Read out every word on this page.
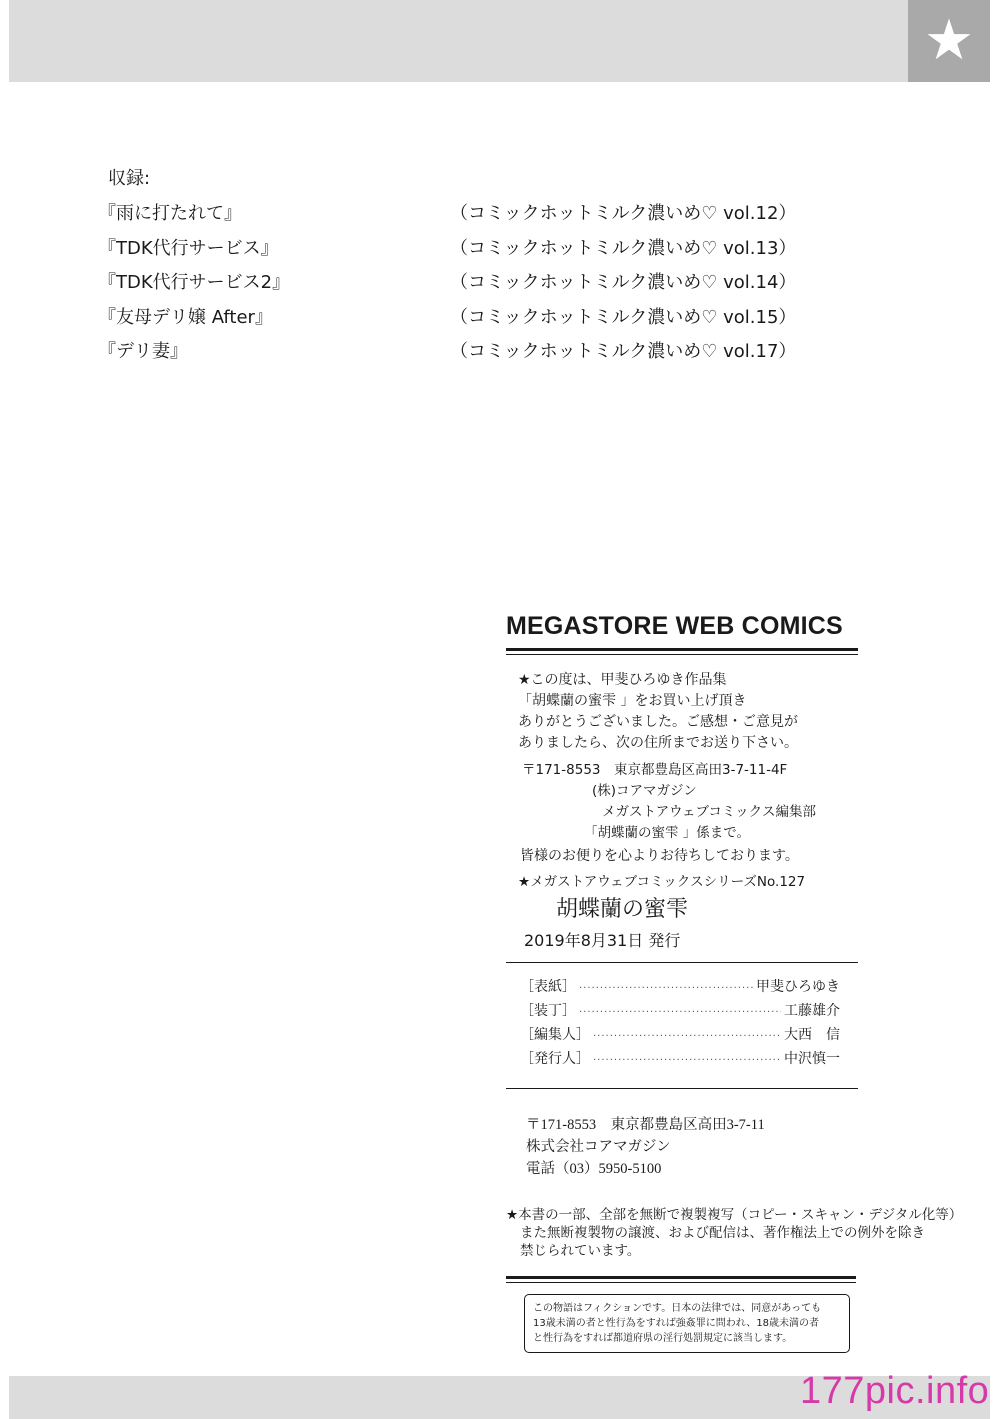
★
収録:
『雨に打たれて』	（コミックホットミルク濃いめ♡ vol.12）
『TDK代行サービス』	（コミックホットミルク濃いめ♡ vol.13）
『TDK代行サービス2』	（コミックホットミルク濃いめ♡ vol.14）
『友母デリ嬢 After』	（コミックホットミルク濃いめ♡ vol.15）
『デリ妻』	（コミックホットミルク濃いめ♡ vol.17）
MEGASTORE WEB COMICS
★この度は、甲斐ひろゆき作品集
「胡蝶蘭の蜜雫 」をお買い上げ頂き
ありがとうございました。ご感想・ご意見が
ありましたら、次の住所までお送り下さい。
〒171-8553　東京都豊島区高田3-7-11-4F
(株)コアマガジン
メガストアウェブコミックス編集部
「胡蝶蘭の蜜雫 」係まで。
皆様のお便りを心よりお待ちしております。
★メガストアウェブコミックスシリーズNo.127
胡蝶蘭の蜜雫
2019年8月31日 発行
［表紙］ ·····	甲斐ひろゆき
［装丁］ ·····	工藤雄介
［編集人］ ·····	大西　信
［発行人］ ·····	中沢慎一
〒171-8553　東京都豊島区高田3-7-11
株式会社コアマガジン
電話（03）5950-5100
★本書の一部、全部を無断で複製複写（コピー・スキャン・デジタル化等）
また無断複製物の譲渡、および配信は、著作権法上での例外を除き
禁じられています。
この物語はフィクションです。日本の法律では、同意があっても
13歳未満の者と性行為をすれば強姦罪に問われ、18歳未満の者
と性行為をすれば都道府県の淫行処罰規定に該当します。
177pic.info
